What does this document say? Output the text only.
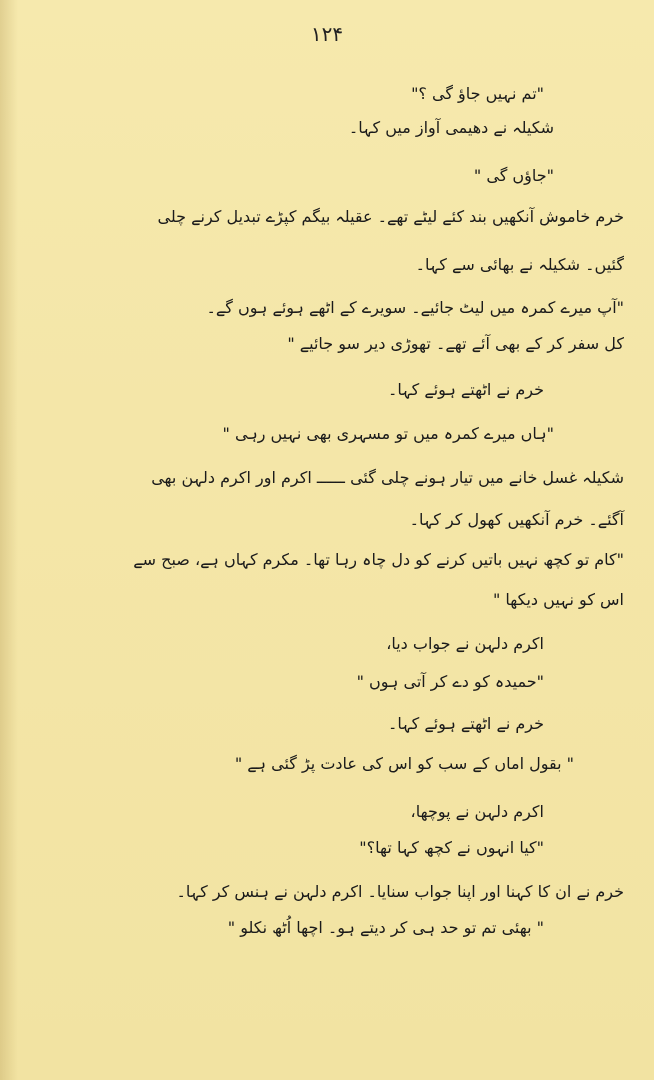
۱۲۴
"تم نہیں جاؤ گی ؟"
شکیلہ نے دھیمی آواز میں کہا۔
"جاؤں گی "
خرم خاموش آنکھیں بند کئے لیٹے تھے۔ عقیلہ بیگم کپڑے تبدیل کرنے چلی
گئیں۔ شکیلہ نے بھائی سے کہا۔
"آپ میرے کمرہ میں لیٹ جائیے۔ سویرے کے اٹھے ہوئے ہوں گے۔
کل سفر کر کے بھی آئے تھے۔ تھوڑی دیر سو جائیے "
خرم نے اٹھتے ہوئے کہا۔
"ہاں میرے کمرہ میں تو مسہری بھی نہیں رہی "
شکیلہ غسل خانے میں تیار ہونے چلی گئی ــــــ اکرم اور اکرم دلہن بھی
آگئے۔ خرم آنکھیں کھول کر کہا۔
"کام تو کچھ نہیں باتیں کرنے کو دل چاہ رہا تھا۔ مکرم کہاں ہے، صبح سے
اس کو نہیں دیکھا "
اکرم دلہن نے جواب دیا،
"حمیدہ کو دے کر آتی ہوں "
خرم نے اٹھتے ہوئے کہا۔
" بقول اماں کے سب کو اس کی عادت پڑ گئی ہے "
اکرم دلہن نے پوچھا،
"کیا انہوں نے کچھ کہا تھا؟"
خرم نے ان کا کہنا اور اپنا جواب سنایا۔ اکرم دلہن نے ہنس کر کہا۔
" بھئی تم تو حد ہی کر دیتے ہو۔ اچھا اُٹھ نکلو "
